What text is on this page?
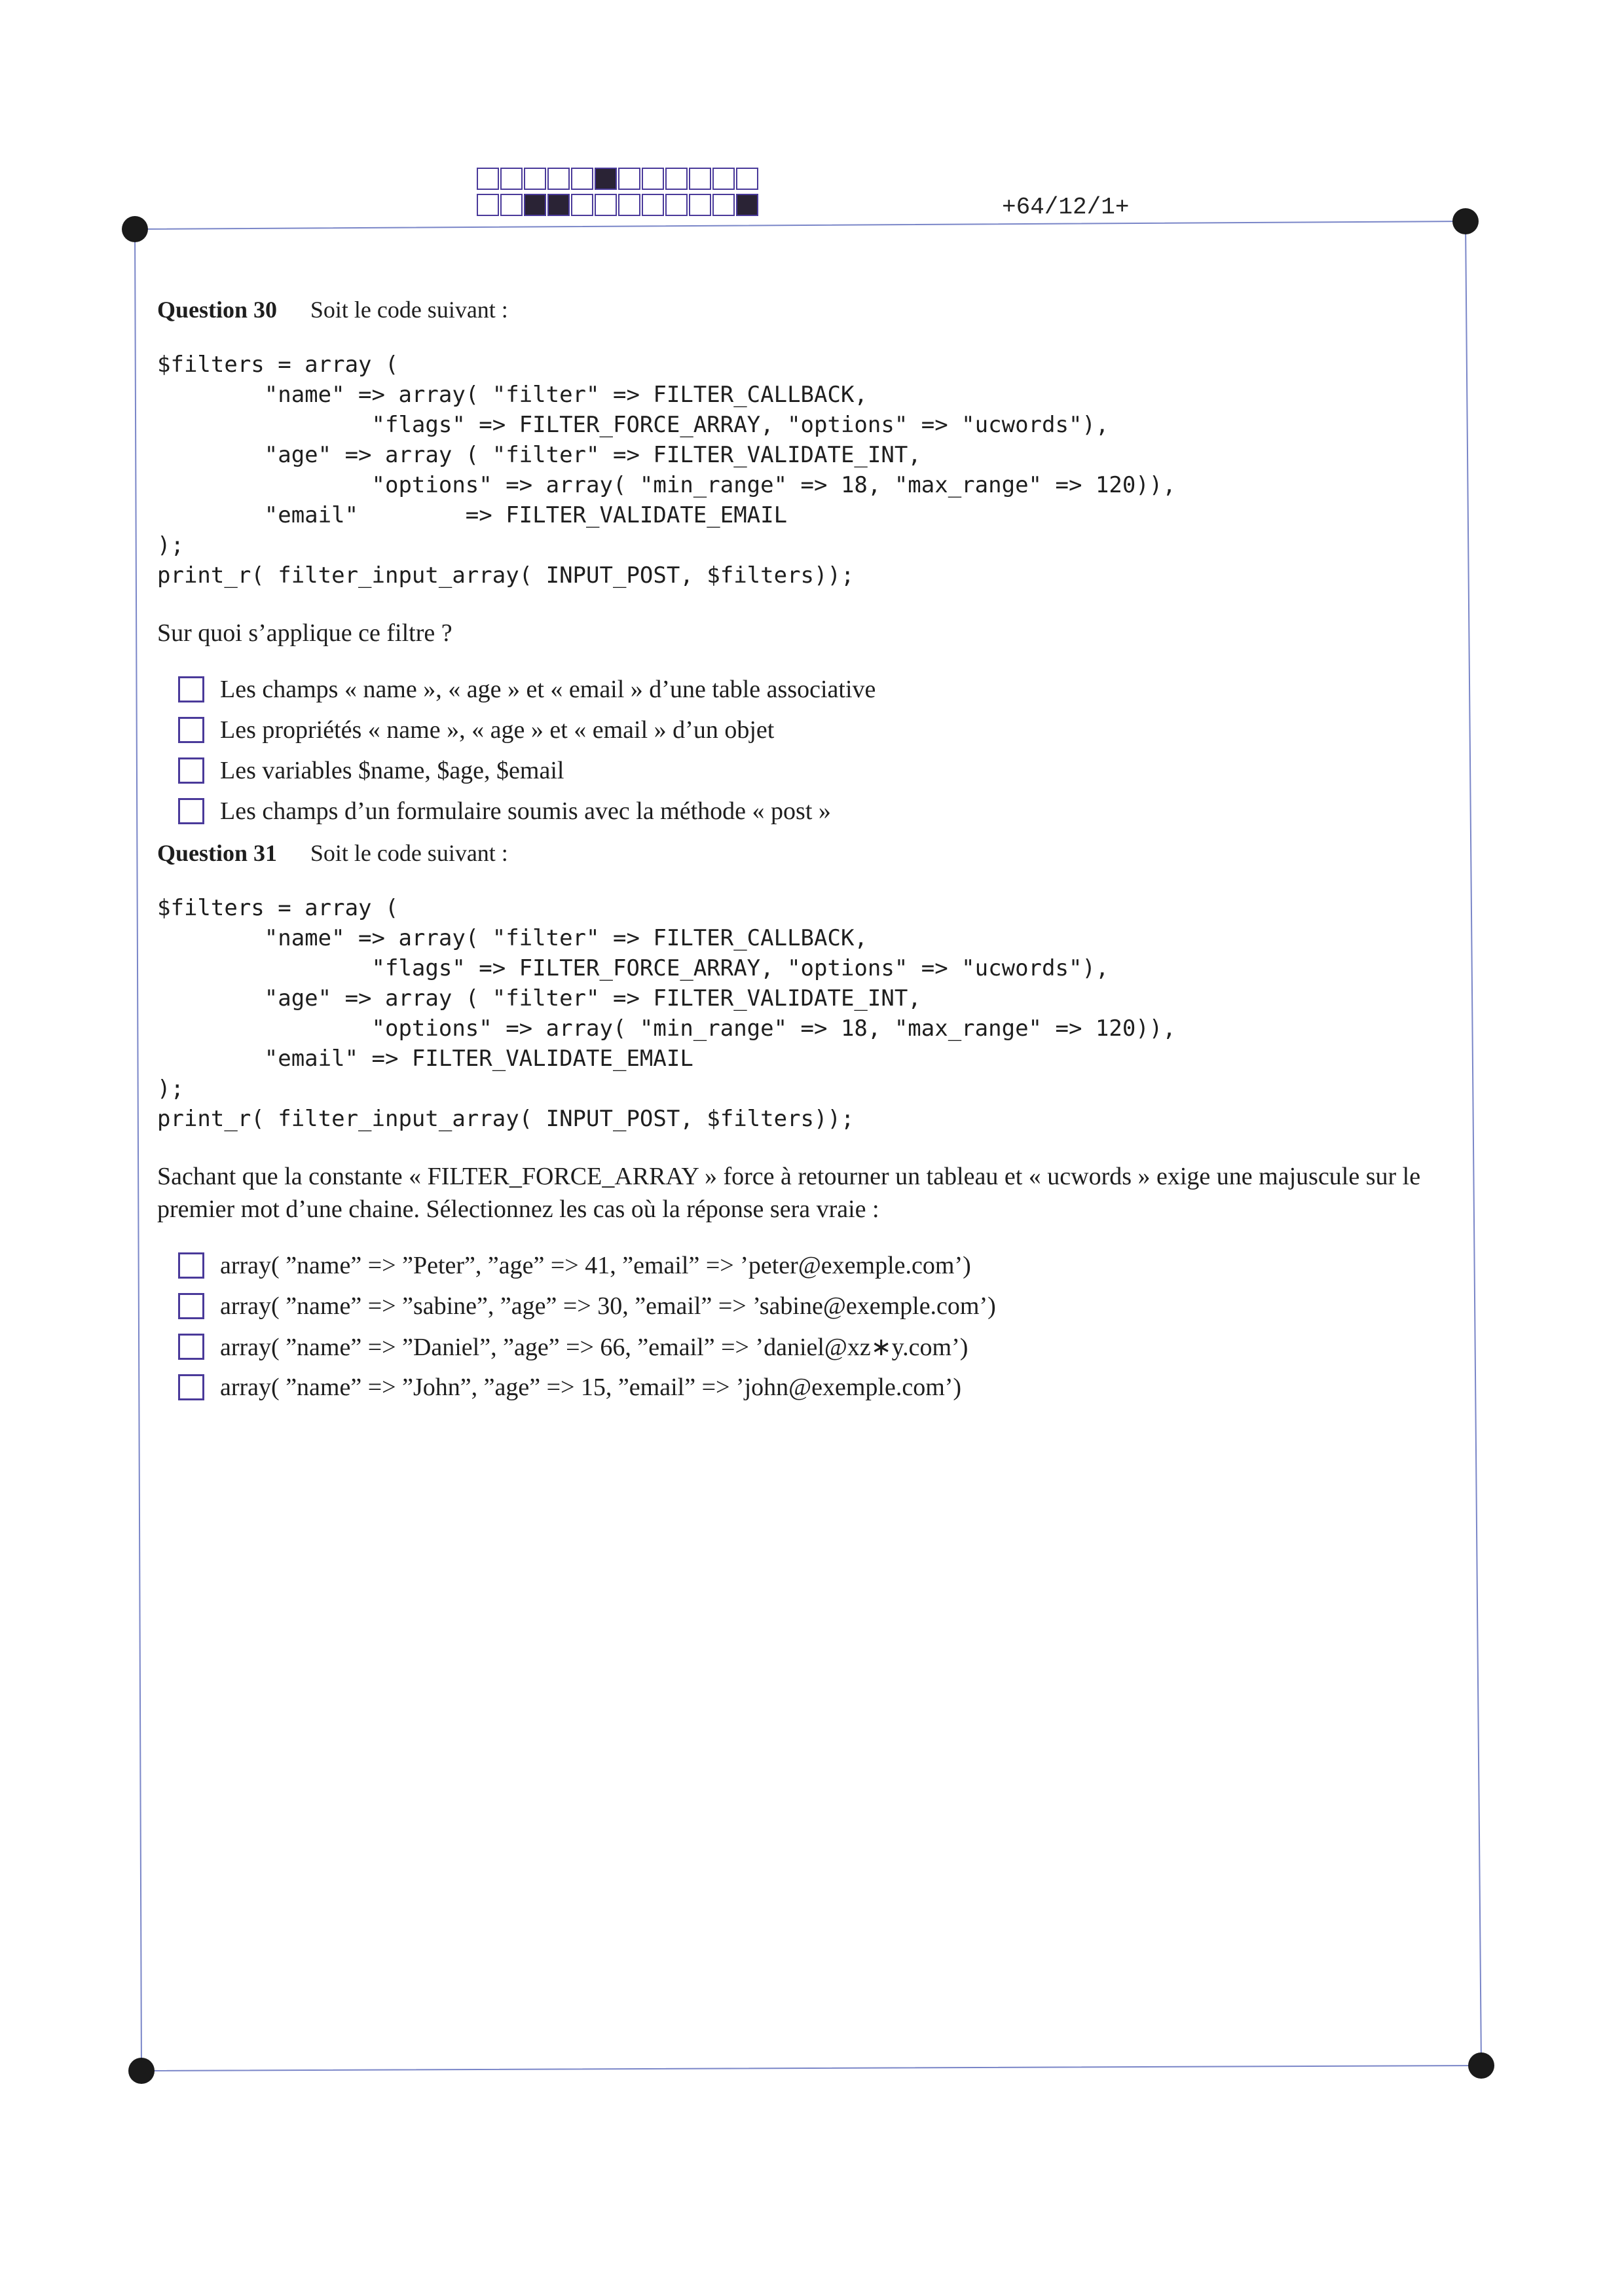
+64/12/1+
Question 30 Soit le code suivant :
$filters = array (
"name" => array( "filter" => FILTER_CALLBACK,
"flags" => FILTER_FORCE_ARRAY, "options" => "ucwords"),
"age" => array ( "filter" => FILTER_VALIDATE_INT,
"options" => array( "min_range" => 18, "max_range" => 120)),
"email"        => FILTER_VALIDATE_EMAIL
);
print_r( filter_input_array( INPUT_POST, $filters));
Sur quoi s’applique ce filtre ?
Les champs « name », « age » et « email » d’une table associative
Les propriétés « name », « age » et « email » d’un objet
Les variables $name, $age, $email
Les champs d’un formulaire soumis avec la méthode « post »
Question 31 Soit le code suivant :
$filters = array (
"name" => array( "filter" => FILTER_CALLBACK,
"flags" => FILTER_FORCE_ARRAY, "options" => "ucwords"),
"age" => array ( "filter" => FILTER_VALIDATE_INT,
"options" => array( "min_range" => 18, "max_range" => 120)),
"email" => FILTER_VALIDATE_EMAIL
);
print_r( filter_input_array( INPUT_POST, $filters));
Sachant que la constante « FILTER_FORCE_ARRAY » force à retourner un tableau et « ucwords » exige une majuscule sur le premier mot d’une chaine. Sélectionnez les cas où la réponse sera vraie :
array( ”name” => ”Peter”, ”age” => 41, ”email” => ’peter@exemple.com’)
array( ”name” => ”sabine”, ”age” => 30, ”email” => ’sabine@exemple.com’)
array( ”name” => ”Daniel”, ”age” => 66, ”email” => ’daniel@xz∗y.com’)
array( ”name” => ”John”, ”age” => 15, ”email” => ’john@exemple.com’)
